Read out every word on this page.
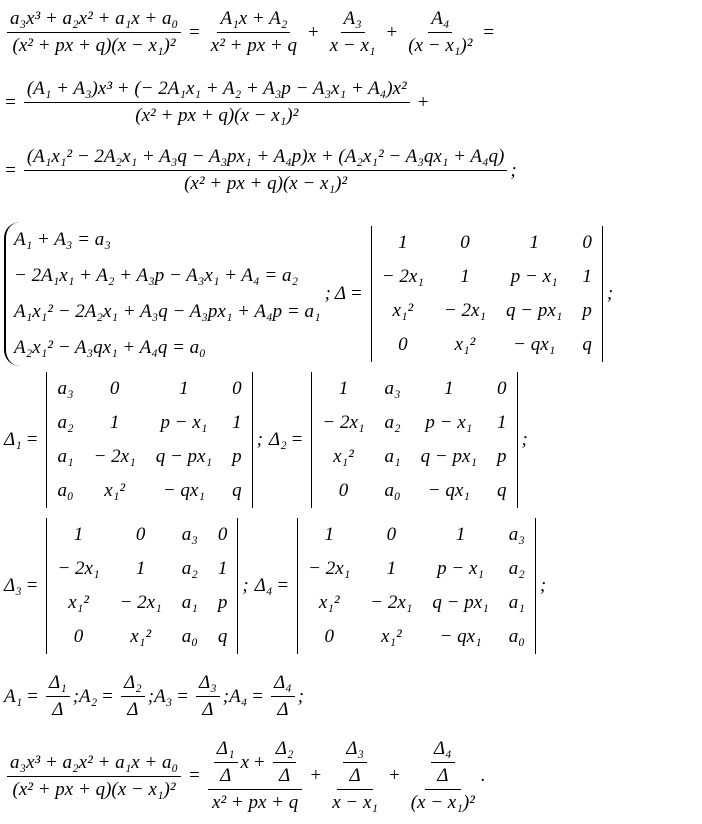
$\frac{\text{a₃x³ + a₂x² + a₁x + a₀}}{\text{(x² + px + q)(x − x₁)²}} = \frac{\text{A₁x + A₂}}{\text{x² + px + q}} + \frac{\text{A₃}}{\text{x − x₁}} + \frac{\text{A₄}}{\text{(x − x₁)²}}$ =
= $\frac{\text{(A₁ + A₃)x³ + (− 2A₁x₁ + A₂ + A₃p − A₃x₁ + A₄)x²}}{\text{(x² + px + q)(x − x₁)²}}$ +
= $\frac{\text{(A₁x₁² − 2A₂x₁ + A₃q − A₃px₁ + A₄p)x + (A₂x₁² − A₃qx₁ + A₄q)}}{\text{(x² + px + q)(x − x₁)²}}$ ;
A₁ + A₃ = a₃
− 2A₁x₁ + A₂ + A₃p − A₃x₁ + A₄ = a₂
A₁x₁² − 2A₂x₁ + A₃q − A₃px₁ + A₄p = a₁
A₂x₁² − A₃qx₁ + A₄q = a₀
; Δ =
1	0	1	0
− 2x₁	1	p − x₁	1
x₁²	− 2x₁	q − px₁	p
0	x₁²	− qx₁	q
;
Δ₁ =
a₃	0	1	0
a₂	1	p − x₁	1
a₁	− 2x₁	q − px₁	p
a₀	x₁²	− qx₁	q
; Δ₂ =
1	a₃	1	0
− 2x₁	a₂	p − x₁	1
x₁²	a₁	q − px₁	p
0	a₀	− qx₁	q
;
Δ₃ =
1	0	a₃	0
− 2x₁	1	a₂	1
x₁²	− 2x₁	a₁	p
0	x₁²	a₀	q
; Δ₄ =
1	0	1	a₃
− 2x₁	1	p − x₁	a₂
x₁²	− 2x₁	q − px₁	a₁
0	x₁²	− qx₁	a₀
;
$A_1 = \frac{\text{Δ₁}}{\Delta}$ ; $A_2 = \frac{\text{Δ₂}}{\Delta}$ ; $A_3 = \frac{\text{Δ₃}}{\Delta}$ ; $A_4 = \frac{\text{Δ₄}}{\Delta}$ ;
$\frac{\text{a₃x³ + a₂x² + a₁x + a₀}}{\text{(x² + px + q)(x − x₁)²}} = \frac{\text{Δ₁}}{\Delta}$ $x + \frac{\text{Δ₂}}{\Delta}$
x² + px + q
+ $\frac{\frac{\text{Δ₃}}{\Delta}}{\text{x − x₁}} + \frac{\frac{\text{Δ₄}}{\Delta}}{\text{(x − x₁)²}}$ .
